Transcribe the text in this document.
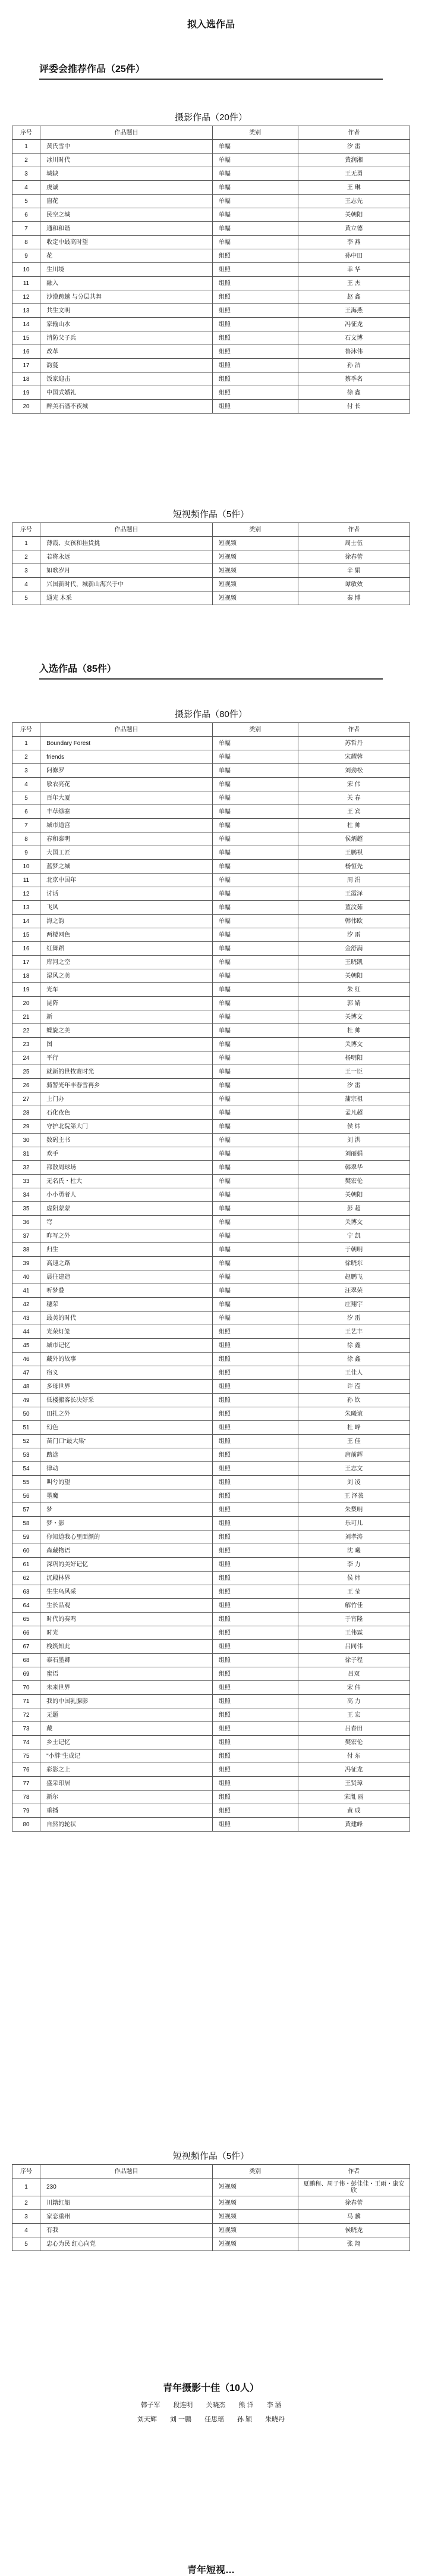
拟入选作品
评委会推荐作品（25件）
摄影作品（20件）
序号	作品题目	类别	作者
1	黄氏雪中	单幅	汐 雷
2	冰川时代	单幅	黄润湘
3	城缺	单幅	王无勇
4	虔诚	单幅	王 琳
5	窗花	单幅	王志先
6	民空之城	单幅	关朝阳
7	通和和谐	单幅	黄立德
8	收定中最高时望	单幅	李 燕
9	花	组照	孙中田
10	生川境	组照	幸 华
11	融入	组照	王 杰
12	沙漠跨越 与分层共舞	组照	赵 鑫
13	共生文明	组照	王海燕
14	家输山水	组照	冯征龙
15	消防父子兵	组照	石文博
16	改革	组照	鲁沐伟
17	韵蔓	组照	孙 洁
18	饭家迎击	组照	蔡季名
19	中国式婚礼	组照	徐 鑫
20	醉美石潘不夜城	组照	付 长
短视频作品（5件）
序号	作品题目	类别	作者
1	薄霞、女孩和挂货挑	短视频	周士伍
2	若将永远	短视频	徐春蕾
3	如歌岁月	短视频	辛 娟
4	兴国新时代，城新山海兴于中	短视频	谭敏效
5	通光 木采	短视频	秦 博
入选作品（85件）
摄影作品（80件）
序号	作品题目	类别	作者
1	Boundary Forest	单幅	苏哲丹
2	friends	单幅	宋耀蓉
3	阿修罗	单幅	刘劲松
4	敏农亮花	单幅	宋 伟
5	百年大厦	单幅	关 春
6	丰草绿寨	单幅	王 宾
7	城市道宫	单幅	杜 帅
8	春和泰明	单幅	侯炳超
9	大国工匠	单幅	王鹏祺
10	蓝梦之城	单幅	杨恒先
11	北京中国年	单幅	周 涓
12	讨话	单幅	王霞泽
13	飞风	单幅	董汶茹
14	海之韵	单幅	韩伟欧
15	两棲网色	单幅	汐 雷
16	红舞蹈	单幅	金舒满
17	库河之空	单幅	王晓凯
18	湿风之美	单幅	关朝阳
19	光车	单幅	朱 红
20	昆阵	单幅	郭 婧
21	新	单幅	关博文
22	蝶旋之美	单幅	杜 帅
23	图	单幅	关博文
24	平行	单幅	杨明阳
25	就新的世牧赛时光	单幅	王一臣
26	骑警光年丰春雪再乡	单幅	汐 雷
27	上门办	单幅	蒲宗祖
28	石化夜色	单幅	孟凡超
29	守护北院第大门	单幅	侯 炜
30	数码主书	单幅	刘 洪
31	欢手	单幅	刘丽娟
32	都散周球场	单幅	韩翠华
33	无名氏・杜大	单幅	樊宏伦
34	小小勇者人	单幅	关朝阳
35	虚阳蒙蒙	单幅	彭 超
36	穹	单幅	关博文
37	昨写之外	单幅	宁 凯
38	归生	单幅	于朝明
39	高速之路	单幅	徐晓东
40	晨往建造	单幅	赵鹏飞
41	听梦叠	单幅	汪翠荣
42	穗荣	单幅	庄翔宇
43	最美的时代	单幅	汐 雷
44	光荣灯笼	组照	王艺丰
45	城市记忆	组照	徐 鑫
46	藏外的故事	组照	徐 鑫
47	宿义	组照	王佳人
48	多母世界	组照	许 滢
49	低楼搬客长决好采	组照	孙 钦
50	田扎之外	组照	朱曦谊
51	幻色	组照	杜 峰
52	苗门口"最大集"	组照	王 佳
53	踏途	组照	唐前辉
54	律动	组照	王志文
55	叫兮的望	组照	刘 凌
56	墨魔	组照	王 泽袭
57	梦	组照	朱梨明
58	梦・影	组照	乐可儿
59	你知道我心里面颜的	组照	刘孝涛
60	森藏物语	组照	沈 曦
61	深巩的美好记忆	组照	李 力
62	沉殿林界	组照	侯 炜
63	生生鸟风采	组照	王 莹
64	生长品观	组照	解竹佳
65	时代的奏鸣	组照	于宵隆
66	时光	组照	王伟霖
67	栈筑知此	组照	吕同伟
68	泰石墨卿	组照	徐子程
69	蜜语	组照	吕双
70	未来世界	组照	宋 伟
71	我的中国乳腺影	组照	高 力
72	无题	组照	王 宏
73	戴	组照	吕春田
74	乡土记忆	组照	樊宏伦
75	"小胖"生成记	组照	付 东
76	彩影之上	组照	冯征龙
77	盛采印居	组照	王贤璋
78	新尔	组照	宋胤 丽
79	重播	组照	黄 成
80	自然的轮状	组照	黄建峰
短视频作品（5件）
序号	作品题目	类别	作者
1	230	短视频	夏鹏程、周子伟・彭佳佳・王雨・康安欣
2	川籍红船	短视频	徐春蕾
3	家恋重州	短视频	马 骥
4	有我	短视频	侯晓龙
5	忠心为民 红心向党	短视频	张 翔
青年摄影十佳（10人）
韩子军 段连明 关晓杰 熊 洋 李 涵
刘天辉 刘 一鹏 任思瑶 孙 颖 朱晓丹
青年短视…
